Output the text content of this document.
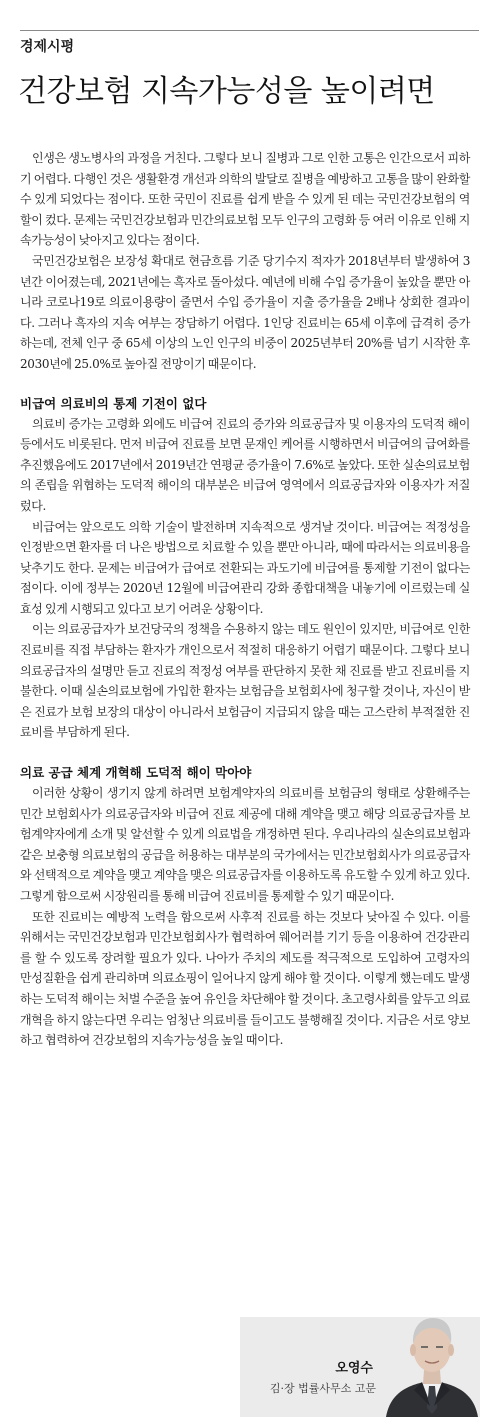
경제시평
건강보험 지속가능성을 높이려면

인생은 생노병사의 과정을 거친다. 그렇다 보니 질병과 그로 인한 고통은 인간으로서 피하기 어렵다. 다행인 것은 생활환경 개선과 의학의 발달로 질병을 예방하고 고통을 많이 완화할 수 있게 되었다는 점이다. 또한 국민이 진료를 쉽게 받을 수 있게 된 데는 국민건강보험의 역할이 컸다. 문제는 국민건강보험과 민간의료보험 모두 인구의 고령화 등 여러 이유로 인해 지속가능성이 낮아지고 있다는 점이다.

국민건강보험은 보장성 확대로 현금흐름 기준 당기수지 적자가 2018년부터 발생하여 3년간 이어졌는데, 2021년에는 흑자로 돌아섰다. 예년에 비해 수입 증가율이 높았을 뿐만 아니라 코로나19로 의료이용량이 줄면서 수입 증가율이 지출 증가율을 2배나 상회한 결과이다. 그러나 흑자의 지속 여부는 장담하기 어렵다. 1인당 진료비는 65세 이후에 급격히 증가하는데, 전체 인구 중 65세 이상의 노인 인구의 비중이 2025년부터 20%를 넘기 시작한 후 2030년에 25.0%로 높아질 전망이기 때문이다.

비급여 의료비의 통제 기전이 없다

의료비 증가는 고령화 외에도 비급여 진료의 증가와 의료공급자 및 이용자의 도덕적 해이 등에서도 비롯된다. 먼저 비급여 진료를 보면 문재인 케어를 시행하면서 비급여의 급여화를 추진했음에도 2017년에서 2019년간 연평균 증가율이 7.6%로 높았다. 또한 실손의료보험의 존립을 위협하는 도덕적 해이의 대부분은 비급여 영역에서 의료공급자와 이용자가 저질렀다.

비급여는 앞으로도 의학 기술이 발전하며 지속적으로 생겨날 것이다. 비급여는 적정성을 인정받으면 환자를 더 나은 방법으로 치료할 수 있을 뿐만 아니라, 때에 따라서는 의료비용을 낮추기도 한다. 문제는 비급여가 급여로 전환되는 과도기에 비급여를 통제할 기전이 없다는 점이다. 이에 정부는 2020년 12월에 비급여관리 강화 종합대책을 내놓기에 이르렀는데 실효성 있게 시행되고 있다고 보기 어려운 상황이다.

이는 의료공급자가 보건당국의 정책을 수용하지 않는 데도 원인이 있지만, 비급여로 인한 진료비를 직접 부담하는 환자가 개인으로서 적절히 대응하기 어렵기 때문이다. 그렇다 보니 의료공급자의 설명만 듣고 진료의 적정성 여부를 판단하지 못한 채 진료를 받고 진료비를 지불한다. 이때 실손의료보험에 가입한 환자는 보험금을 보험회사에 청구할 것이나, 자신이 받은 진료가 보험 보장의 대상이 아니라서 보험금이 지급되지 않을 때는 고스란히 부적절한 진료비를 부담하게 된다.

의료 공급 체계 개혁해 도덕적 해이 막아야

이러한 상황이 생기지 않게 하려면 보험계약자의 의료비를 보험금의 형태로 상환해주는 민간 보험회사가 의료공급자와 비급여 진료 제공에 대해 계약을 맺고 해당 의료공급자를 보험계약자에게 소개 및 알선할 수 있게 의료법을 개정하면 된다. 우리나라의 실손의료보험과 같은 보충형 의료보험의 공급을 허용하는 대부분의 국가에서는 민간보험회사가 의료공급자와 선택적으로 계약을 맺고 계약을 맺은 의료공급자를 이용하도록 유도할 수 있게 하고 있다. 그렇게 함으로써 시장원리를 통해 비급여 진료비를 통제할 수 있기 때문이다.

또한 진료비는 예방적 노력을 함으로써 사후적 진료를 하는 것보다 낮아질 수 있다. 이를 위해서는 국민건강보험과 민간보험회사가 협력하여 웨어러블 기기 등을 이용하여 건강관리를 할 수 있도록 장려할 필요가 있다. 나아가 주치의 제도를 적극적으로 도입하여 고령자의 만성질환을 쉽게 관리하며 의료쇼핑이 일어나지 않게 해야 할 것이다. 이렇게 했는데도 발생하는 도덕적 해이는 처벌 수준을 높여 유인을 차단해야 할 것이다. 초고령사회를 앞두고 의료개혁을 하지 않는다면 우리는 엄청난 의료비를 들이고도 불행해질 것이다. 지금은 서로 양보하고 협력하여 건강보험의 지속가능성을 높일 때이다.

오영수
김·장 법률사무소 고문
